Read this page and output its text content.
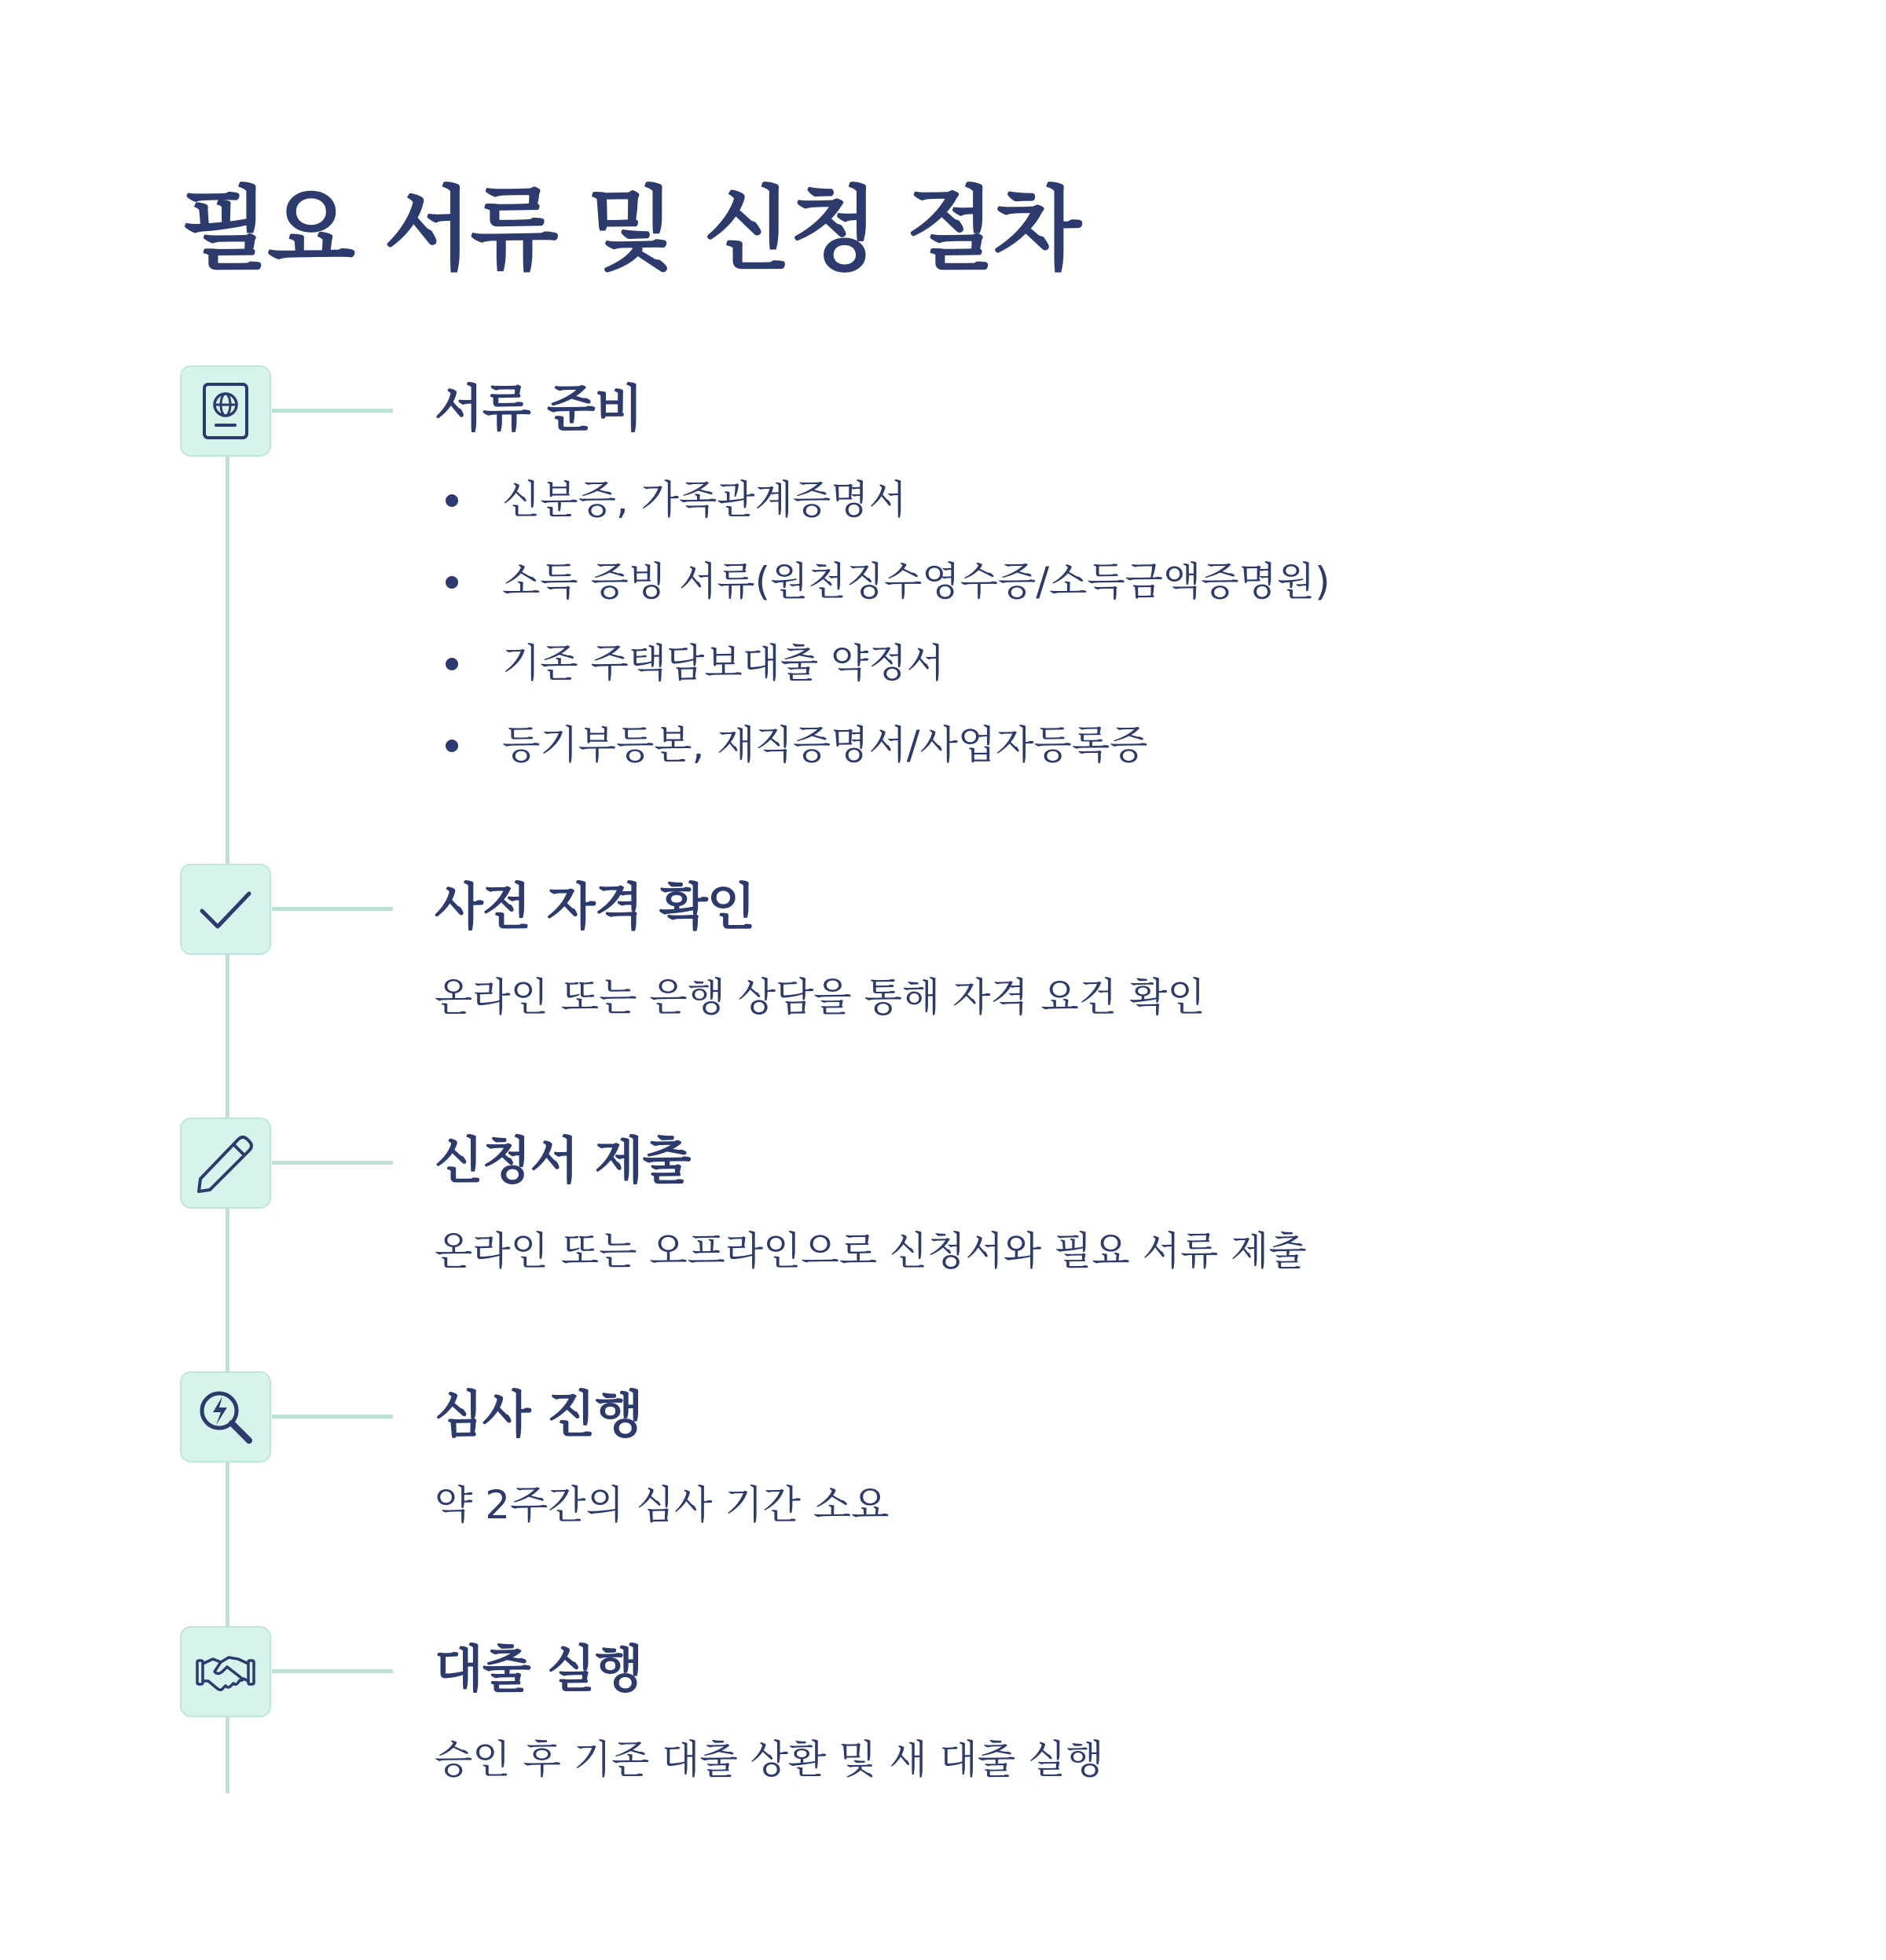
필요 서류 및 신청 절차
서류 준비
신분증, 가족관계증명서
소득 증빙 서류(원천징수영수증/소득금액증명원)
기존 주택담보대출 약정서
등기부등본, 재직증명서/사업자등록증
사전 자격 확인

온라인 또는 은행 상담을 통해 자격 요건 확인

신청서 제출

온라인 또는 오프라인으로 신청서와 필요 서류 제출

심사 진행

약 2주간의 심사 기간 소요

대출 실행

승인 후 기존 대출 상환 및 새 대출 실행
